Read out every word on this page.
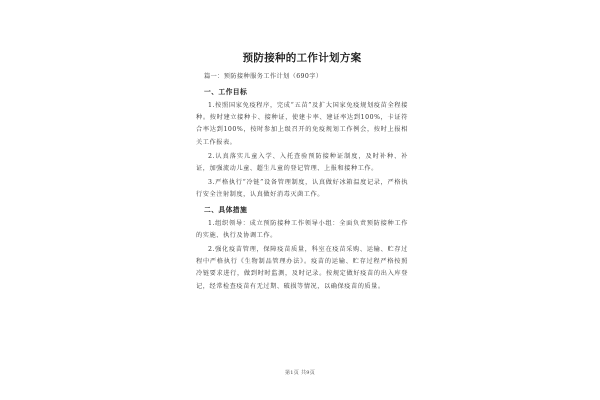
预防接种的工作计划方案
篇一：预防接种服务工作计划（690字）
一、工作目标
1.按照国家免疫程序，完成“五苗”及扩大国家免疫规划疫苗全程接种。按时建立接种卡、接种证，使建卡率、建证率达到100%，卡证符合率达到100%，按时参加上级召开的免疫规划工作例会，按时上报相关工作报表。
2.认真落实儿童入学、入托查验预防接种证制度，及时补种、补证，加强流动儿童、超生儿童的登记管理、上报和接种工作。
3.严格执行“冷链”设备管理制度，认真做好冰箱温度记录，严格执行安全注射制度，认真做好消毒灭菌工作。
二、具体措施
1.组织领导：成立预防接种工作领导小组：全面负责预防接种工作的实施、执行及协调工作。
2.强化疫苗管理，保障疫苗质量，科室在疫苗采购、运输、贮存过程中严格执行《生物制品管理办法》。疫苗的运输、贮存过程严格按照冷链要求进行，做到时时监测，及时记录。按规定做好疫苗的出入库登记，经常检查疫苗有无过期、破损等情况，以确保疫苗的质量。
第1页 共9页
